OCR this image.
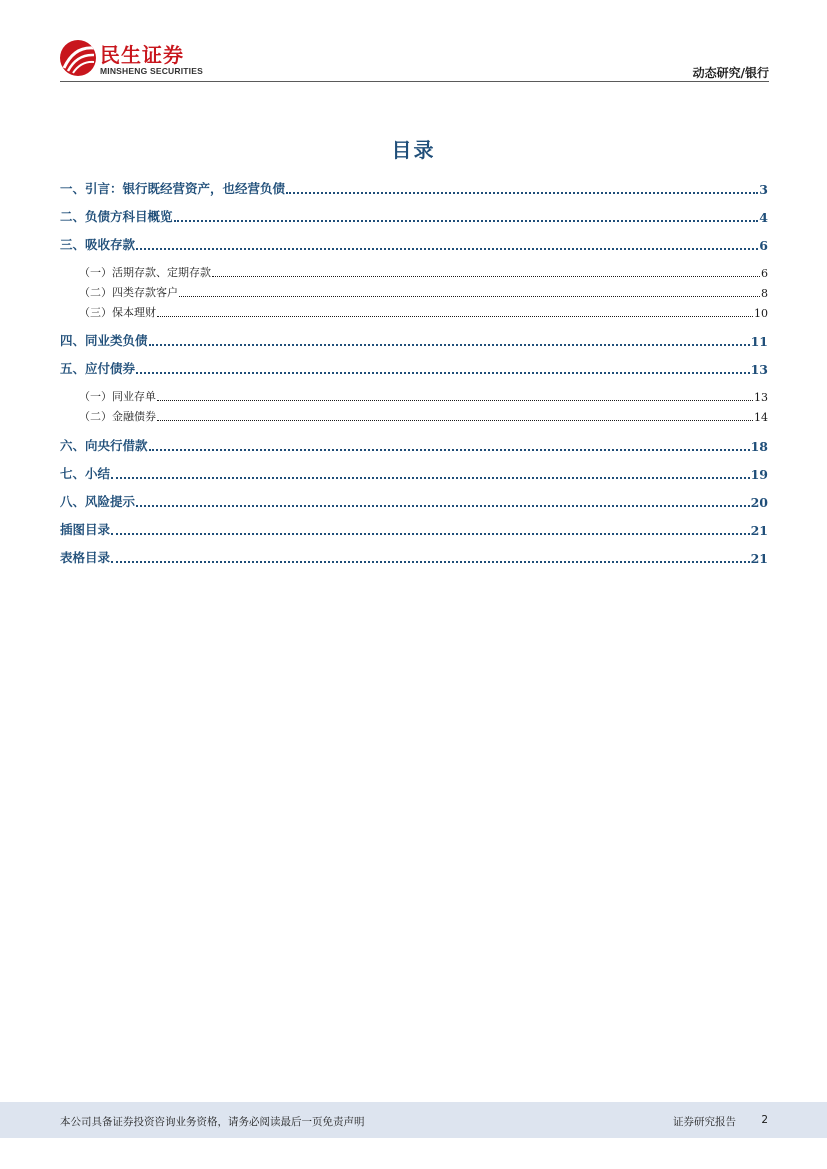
民生证券
MINSHENG SECURITIES	动态研究/银行
目录
一、引言：银行既经营资产，也经营负债	3
二、负债方科目概览	4
三、吸收存款	6
（一）活期存款、定期存款	6
（二）四类存款客户	8
（三）保本理财	10
四、同业类负债	11
五、应付债券	13
（一）同业存单	13
（二）金融债券	14
六、向央行借款	18
七、小结	19
八、风险提示	20
插图目录	21
表格目录	21
本公司具备证券投资咨询业务资格，请务必阅读最后一页免责声明	证券研究报告 2
